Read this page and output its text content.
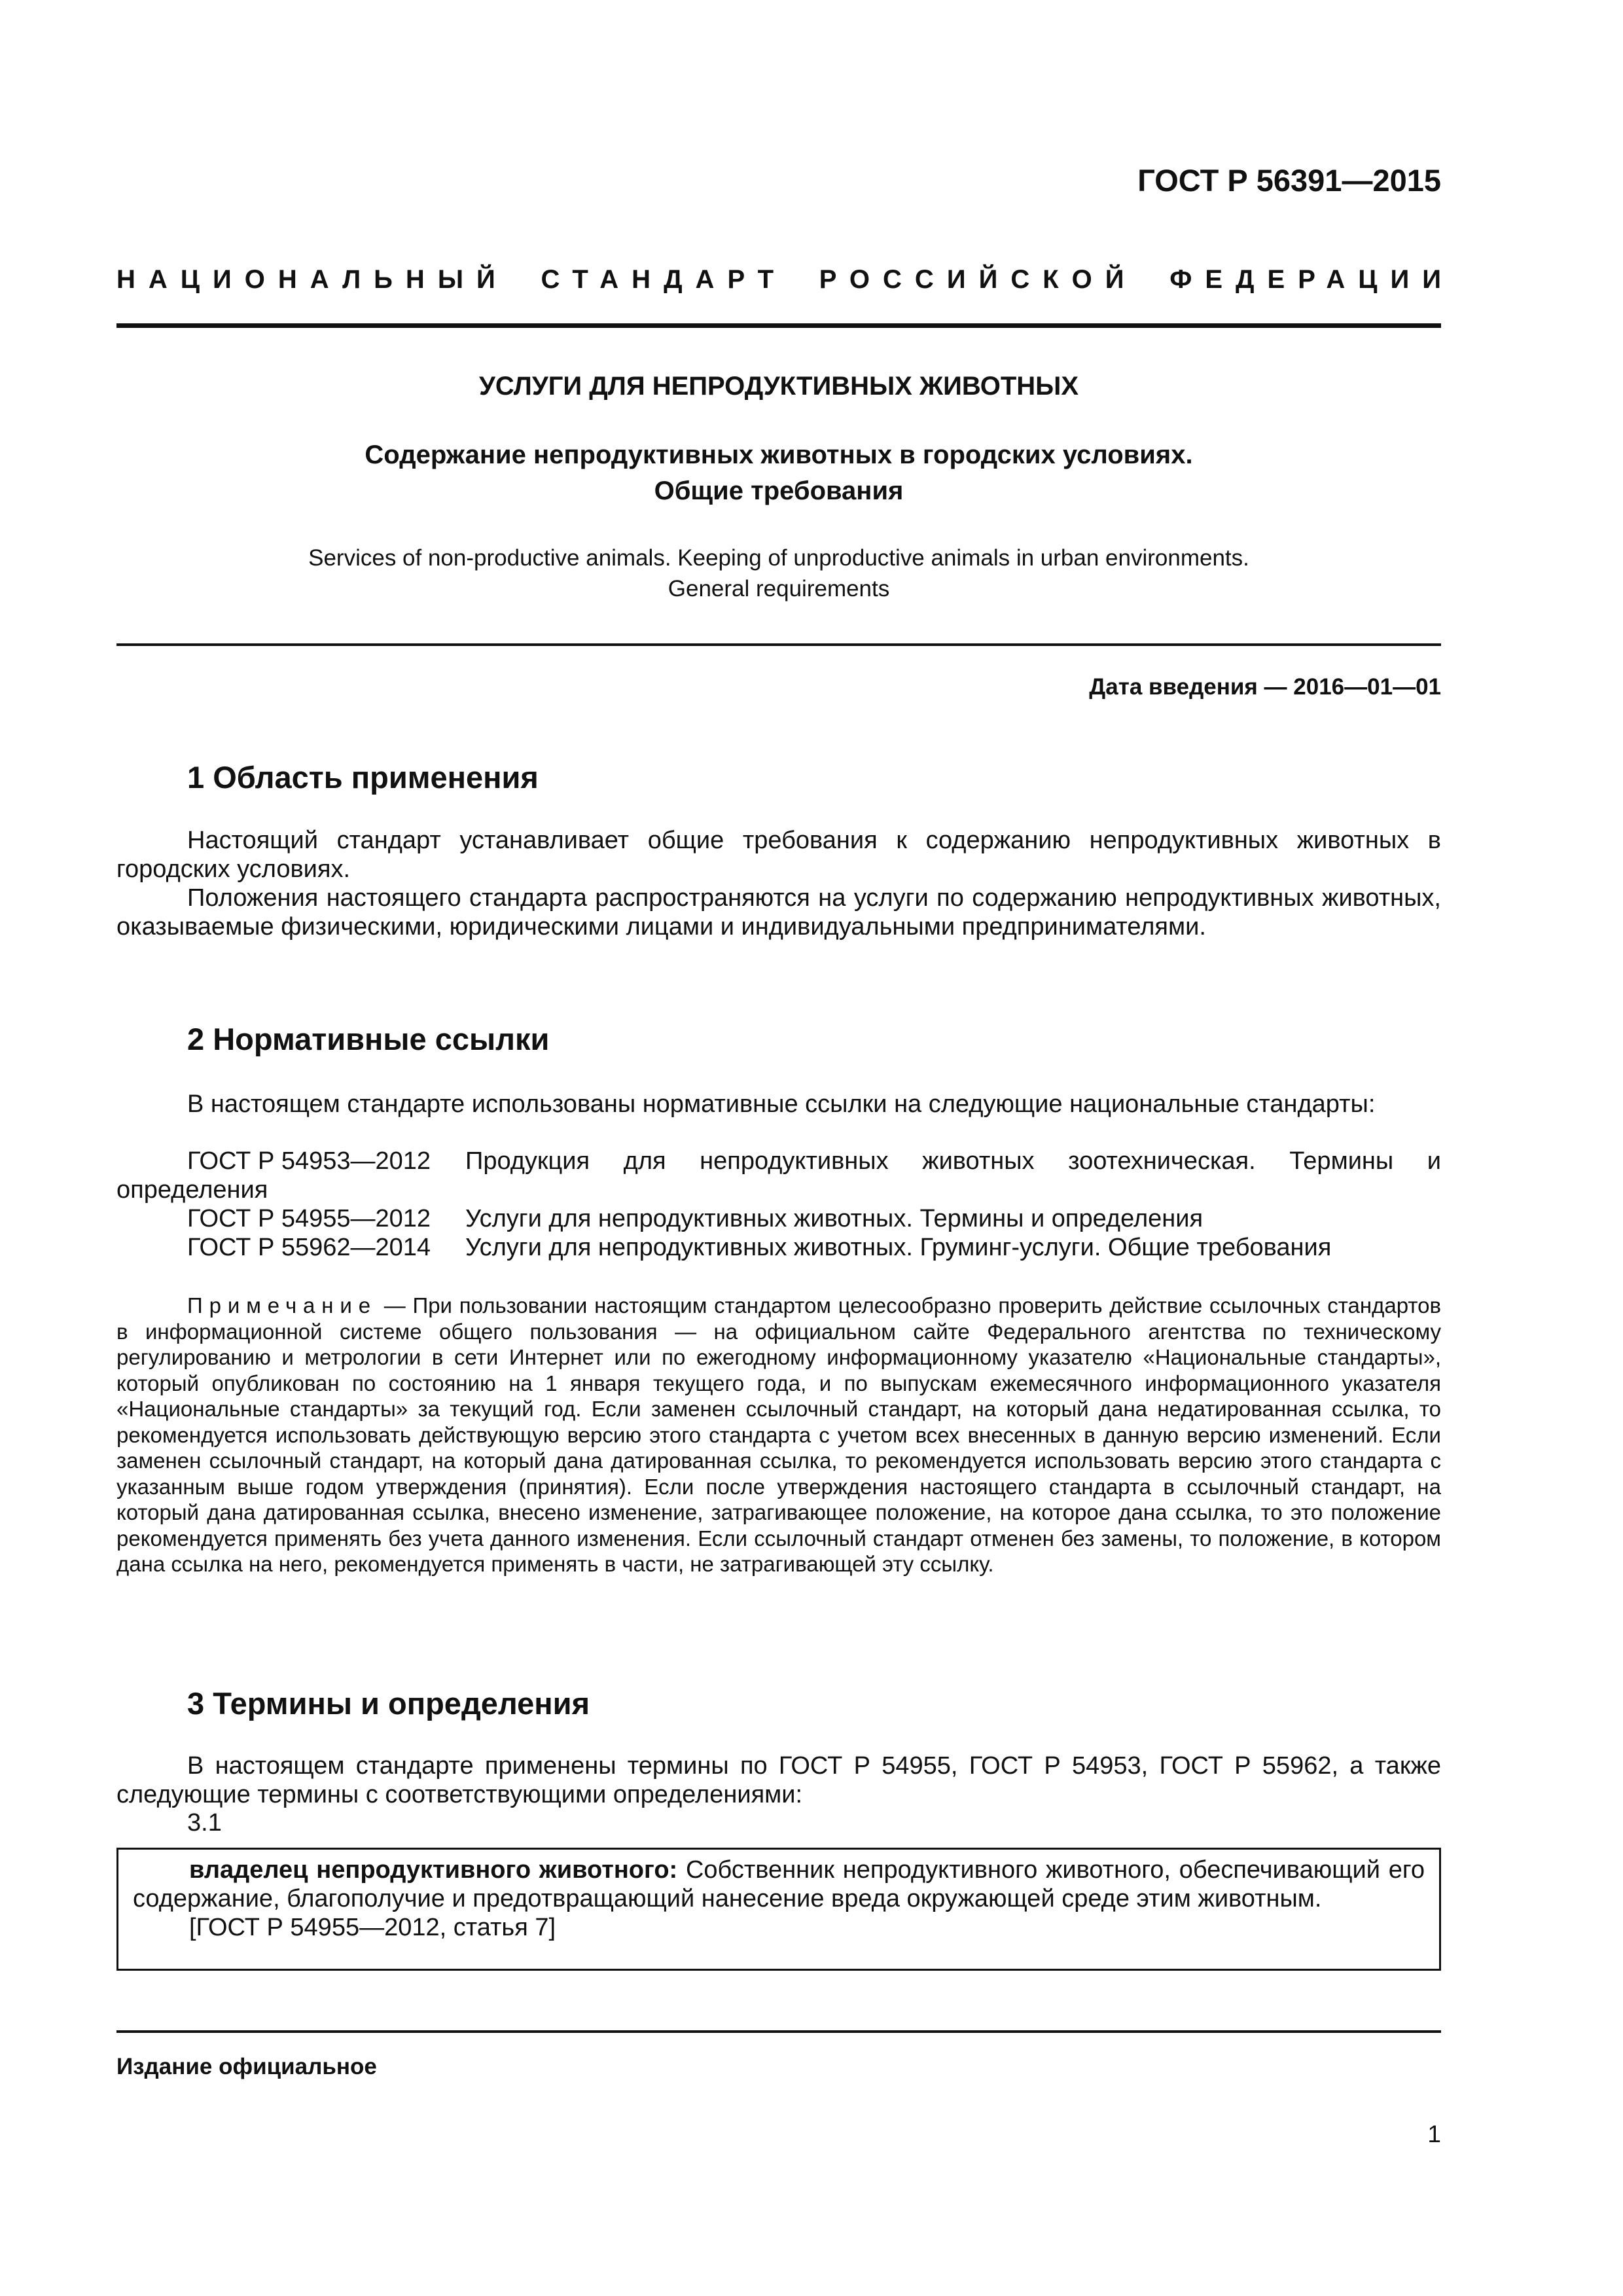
ГОСТ Р 56391—2015
НАЦИОНАЛЬНЫЙ СТАНДАРТ РОССИЙСКОЙ ФЕДЕРАЦИИ
УСЛУГИ ДЛЯ НЕПРОДУКТИВНЫХ ЖИВОТНЫХ
Содержание непродуктивных животных в городских условиях.
Общие требования
Services of non-productive animals. Keeping of unproductive animals in urban environments.
General requirements
Дата введения — 2016—01—01
1 Область применения

Настоящий стандарт устанавливает общие требования к содержанию непродуктивных животных в городских условиях.

Положения настоящего стандарта распространяются на услуги по содержанию непродуктивных животных, оказываемые физическими, юридическими лицами и индивидуальными предпринимателями.

2 Нормативные ссылки

В настоящем стандарте использованы нормативные ссылки на следующие национальные стандарты:

ГОСТ Р 54953—2012	Продукция для непродуктивных животных зоотехническая. Термины и
определения
ГОСТ Р 54955—2012	Услуги для непродуктивных животных. Термины и определения
ГОСТ Р 55962—2014	Услуги для непродуктивных животных. Груминг-услуги. Общие требования

Примечание — При пользовании настоящим стандартом целесообразно проверить действие ссылочных стандартов в информационной системе общего пользования — на официальном сайте Федерального агентства по техническому регулированию и метрологии в сети Интернет или по ежегодному информационному указателю «Национальные стандарты», который опубликован по состоянию на 1 января текущего года, и по выпускам ежемесячного информационного указателя «Национальные стандарты» за текущий год. Если заменен ссылочный стандарт, на который дана недатированная ссылка, то рекомендуется использовать действующую версию этого стандарта с учетом всех внесенных в данную версию изменений. Если заменен ссылочный стандарт, на который дана датированная ссылка, то рекомендуется использовать версию этого стандарта с указанным выше годом утверждения (принятия). Если после утверждения настоящего стандарта в ссылочный стандарт, на который дана датированная ссылка, внесено изменение, затрагивающее положение, на которое дана ссылка, то это положение рекомендуется применять без учета данного изменения. Если ссылочный стандарт отменен без замены, то положение, в котором дана ссылка на него, рекомендуется применять в части, не затрагивающей эту ссылку.

3 Термины и определения

В настоящем стандарте применены термины по ГОСТ Р 54955, ГОСТ Р 54953, ГОСТ Р 55962, а также следующие термины с соответствующими определениями:

3.1

владелец непродуктивного животного: Собственник непродуктивного животного, обеспечивающий его содержание, благополучие и предотвращающий нанесение вреда окружающей среде этим животным.

[ГОСТ Р 54955—2012, статья 7]

Издание официальное
1
